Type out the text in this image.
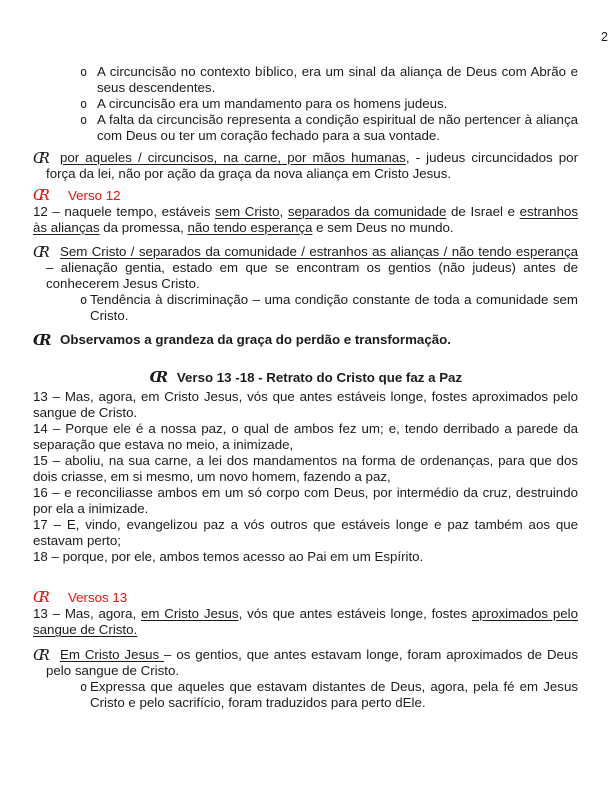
2
o
A circuncisão no contexto bíblico, era um sinal da aliança de Deus com Abrão e seus descendentes.
o
A circuncisão era um mandamento para os homens judeus.
o
A falta da circuncisão representa a condição espiritual de não pertencer à aliança com Deus ou ter um coração fechado para a sua vontade.

C R
por aqueles / circuncisos, na carne, por mãos humanas, - judeus circuncidados por força da lei, não por ação da graça da nova aliança em Cristo Jesus.

C RVerso 12

12 – naquele tempo, estáveis sem Cristo, separados da comunidade de Israel e estranhos às alianças da promessa, não tendo esperança e sem Deus no mundo.

C R
Sem Cristo / separados da comunidade / estranhos as alianças / não tendo esperança – alienação gentia, estado em que se encontram os gentios (não judeus) antes de conhecerem Jesus Cristo.

o
Tendência à discriminação – uma condição constante de toda a comunidade sem Cristo.

C R
Observamos a grandeza da graça do perdão e transformação.

C RVerso 13 -18 - Retrato do Cristo que faz a Paz

13 – Mas, agora, em Cristo Jesus, vós que antes estáveis longe, fostes aproximados pelo sangue de Cristo.

14 – Porque ele é a nossa paz, o qual de ambos fez um; e, tendo derribado a parede da separação que estava no meio, a inimizade,

15 – aboliu, na sua carne, a lei dos mandamentos na forma de ordenanças, para que dos dois criasse, em si mesmo, um novo homem, fazendo a paz,

16 – e reconciliasse ambos em um só corpo com Deus, por intermédio da cruz, destruindo por ela a inimizade.

17 – E, vindo, evangelizou paz a vós outros que estáveis longe e paz também aos que estavam perto;

18 – porque, por ele, ambos temos acesso ao Pai em um Espírito.

C RVersos 13

13 – Mas, agora, em Cristo Jesus, vós que antes estáveis longe, fostes aproximados pelo sangue de Cristo.

C R
Em Cristo Jesus – os gentios, que antes estavam longe, foram aproximados de Deus pelo sangue de Cristo.

o
Expressa que aqueles que estavam distantes de Deus, agora, pela fé em Jesus Cristo e pelo sacrifício, foram traduzidos para perto dEle.
